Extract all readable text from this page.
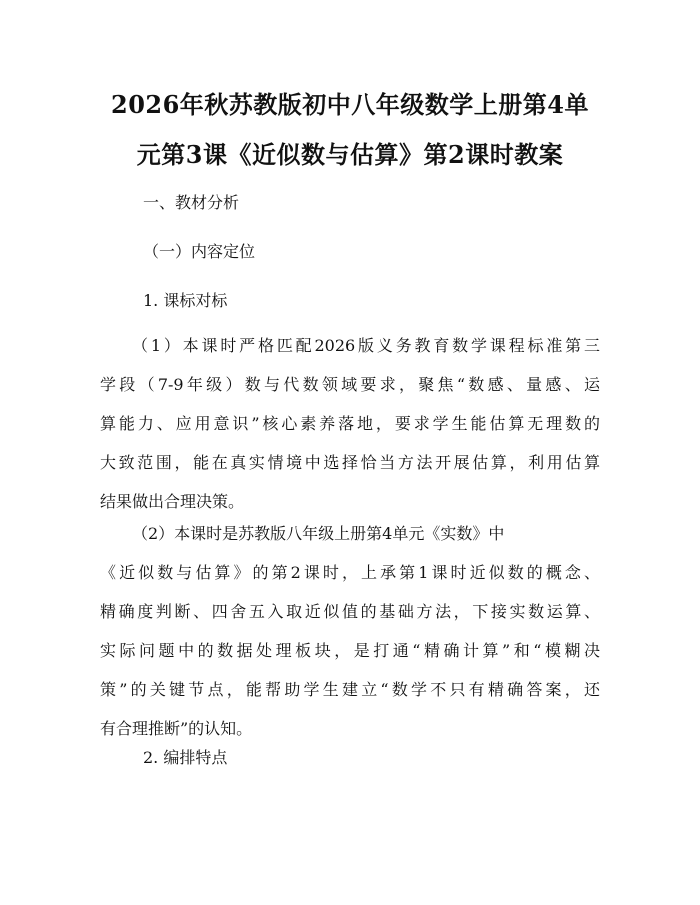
2026年秋苏教版初中八年级数学上册第4单
元第3课《近似数与估算》第2课时教案

一、教材分析

（一）内容定位

1. 课标对标

（1）本课时严格匹配2026版义务教育数学课程标准第三
学段（7-9年级）数与代数领域要求，聚焦“数感、量感、运
算能力、应用意识”核心素养落地，要求学生能估算无理数的
大致范围，能在真实情境中选择恰当方法开展估算，利用估算
结果做出合理决策。

（2）本课时是苏教版八年级上册第4单元《实数》中
《近似数与估算》的第2课时，上承第1课时近似数的概念、
精确度判断、四舍五入取近似值的基础方法，下接实数运算、
实际问题中的数据处理板块，是打通“精确计算”和“模糊决
策”的关键节点，能帮助学生建立“数学不只有精确答案，还
有合理推断”的认知。

2. 编排特点
